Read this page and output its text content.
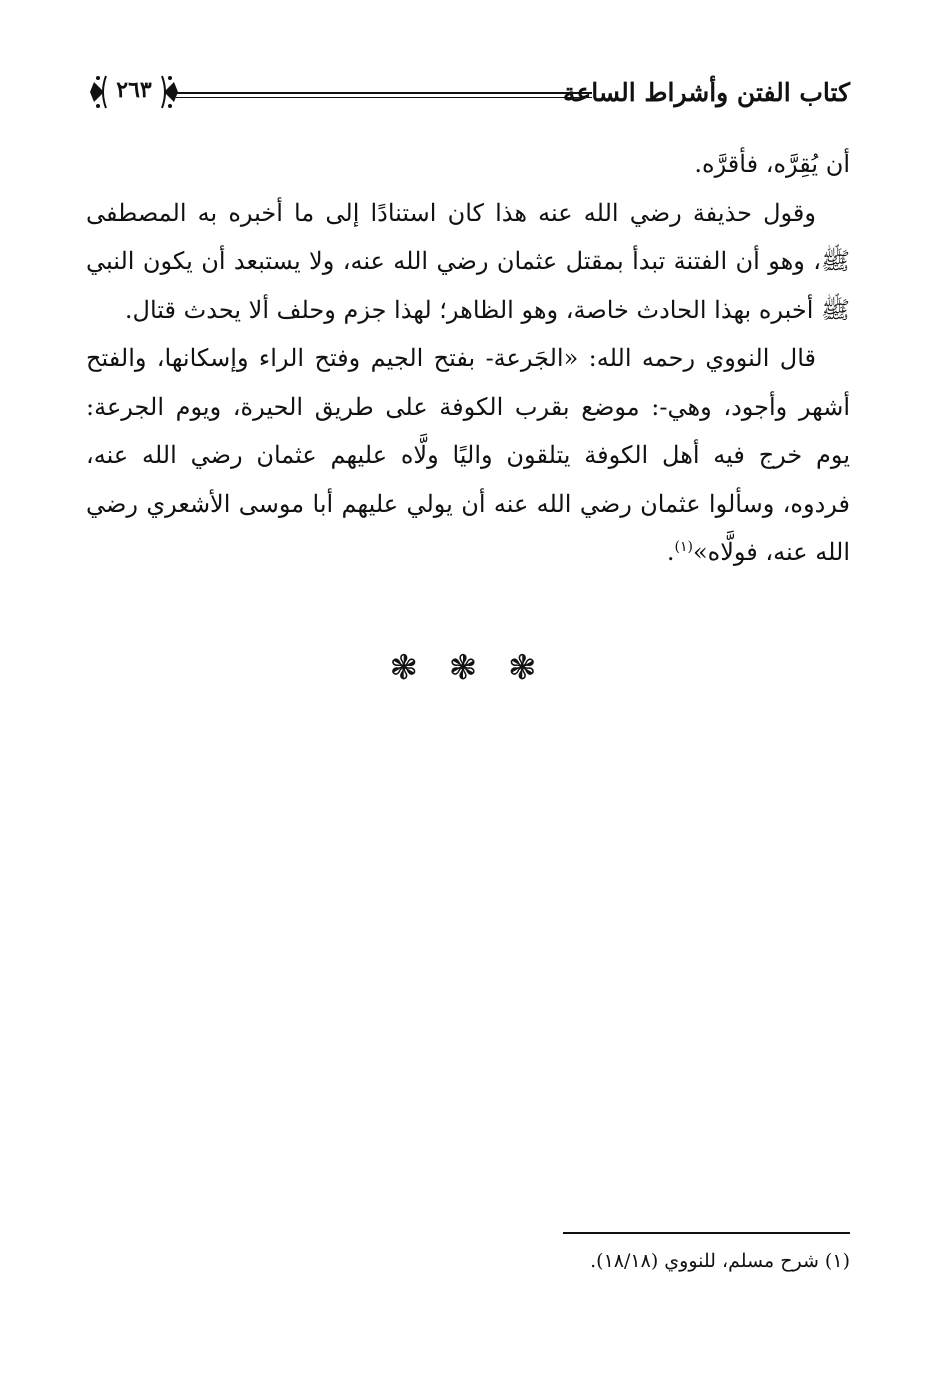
كتاب الفتن وأشراط الساعة
٢٦٣

أن يُقِرَّه، فأقرَّه.

وقول حذيفة رضي الله عنه هذا كان استنادًا إلى ما أخبره به المصطفى ﷺ، وهو أن الفتنة تبدأ بمقتل عثمان رضي الله عنه، ولا يستبعد أن يكون النبي ﷺ أخبره بهذا الحادث خاصة، وهو الظاهر؛ لهذا جزم وحلف ألا يحدث قتال.

قال النووي رحمه الله: «الجَرعة- بفتح الجيم وفتح الراء وإسكانها، والفتح أشهر وأجود، وهي-: موضع بقرب الكوفة على طريق الحيرة، ويوم الجرعة: يوم خرج فيه أهل الكوفة يتلقون واليًا ولَّاه عليهم عثمان رضي الله عنه، فردوه، وسألوا عثمان رضي الله عنه أن يولي عليهم أبا موسى الأشعري رضي الله عنه، فولَّاه»$^{(١)}$.

❃ ❃ ❃
(١) شرح مسلم، للنووي (١٨/١٨).
